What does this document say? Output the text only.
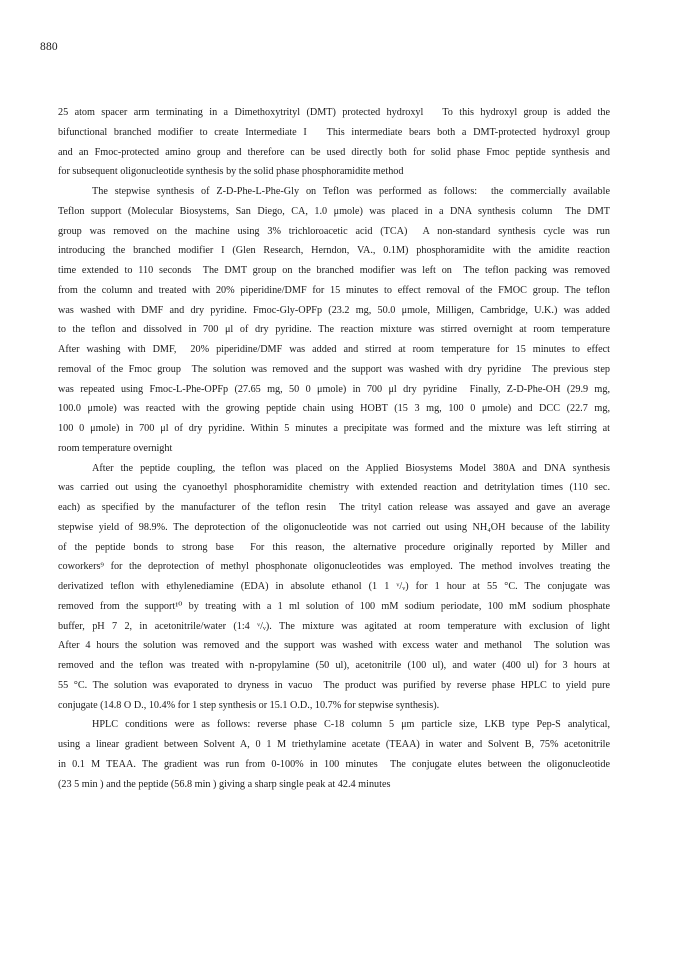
880
25 atom spacer arm terminating in a Dimethoxytrityl (DMT) protected hydroxyl   To this hydroxyl group is added the
bifunctional branched modifier to create Intermediate I   This intermediate bears both a DMT-protected hydroxyl group
and an Fmoc-protected amino group and therefore can be used directly both for solid phase Fmoc peptide synthesis and
for subsequent oligonucleotide synthesis by the solid phase phosphoramidite method
The stepwise synthesis of Z-D-Phe-L-Phe-Gly on Teflon was performed as follows:  the commercially available
Teflon support (Molecular Biosystems, San Diego, CA, 1.0 μmole) was placed in a DNA synthesis column  The DMT
group was removed on the machine using 3% trichloroacetic acid (TCA)  A non-standard synthesis cycle was run
introducing the branched modifier I (Glen Research, Herndon, VA., 0.1M) phosphoramidite with the amidite reaction
time extended to 110 seconds  The DMT group on the branched modifier was left on  The teflon packing was removed
from the column and treated with 20% piperidine/DMF for 15 minutes to effect removal of the FMOC group. The teflon
was washed with DMF and dry pyridine. Fmoc-Gly-OPFp (23.2 mg, 50.0 μmole, Milligen, Cambridge, U.K.) was added
to the teflon and dissolved in 700 μl of dry pyridine. The reaction mixture was stirred overnight at room temperature
After washing with DMF,  20% piperidine/DMF was added and stirred at room temperature for 15 minutes to effect
removal of the Fmoc group  The solution was removed and the support was washed with dry pyridine  The previous step
was repeated using Fmoc-L-Phe-OPFp (27.65 mg, 50 0 μmole) in 700 μl dry pyridine  Finally, Z-D-Phe-OH (29.9 mg,
100.0 μmole) was reacted with the growing peptide chain using HOBT (15 3 mg, 100 0 μmole) and DCC (22.7 mg,
100 0 μmole) in 700 μl of dry pyridine. Within 5 minutes a precipitate was formed and the mixture was left stirring at
room temperature overnight
After the peptide coupling, the teflon was placed on the Applied Biosystems Model 380A and DNA synthesis
was carried out using the cyanoethyl phosphoramidite chemistry with extended reaction and detritylation times (110 sec.
each) as specified by the manufacturer of the teflon resin  The trityl cation release was assayed and gave an average
stepwise yield of 98.9%. The deprotection of the oligonucleotide was not carried out using NH₄OH because of the lability
of the peptide bonds to strong base  For this reason, the alternative procedure originally reported by Miller and
coworkers⁹ for the deprotection of methyl phosphonate oligonucleotides was employed. The method involves treating the
derivatized teflon with ethylenediamine (EDA) in absolute ethanol (1 1 ᵛ/ᵥ) for 1 hour at 55 °C. The conjugate was
removed from the support¹⁰ by treating with a 1 ml solution of 100 mM sodium periodate, 100 mM sodium phosphate
buffer, pH 7 2, in acetonitrile/water (1:4 ᵛ/ᵥ). The mixture was agitated at room temperature with exclusion of light
After 4 hours the solution was removed and the support was washed with excess water and methanol  The solution was
removed and the teflon was treated with n-propylamine (50 ul), acetonitrile (100 ul), and water (400 ul) for 3 hours at
55 °C. The solution was evaporated to dryness in vacuo  The product was purified by reverse phase HPLC to yield pure
conjugate (14.8 O D., 10.4% for 1 step synthesis or 15.1 O.D., 10.7% for stepwise synthesis).
HPLC conditions were as follows: reverse phase C-18 column 5 μm particle size, LKB type Pep-S analytical,
using a linear gradient between Solvent A, 0 1 M triethylamine acetate (TEAA) in water and Solvent B, 75% acetonitrile
in 0.1 M TEAA. The gradient was run from 0-100% in 100 minutes  The conjugate elutes between the oligonucleotide
(23 5 min ) and the peptide (56.8 min ) giving a sharp single peak at 42.4 minutes
